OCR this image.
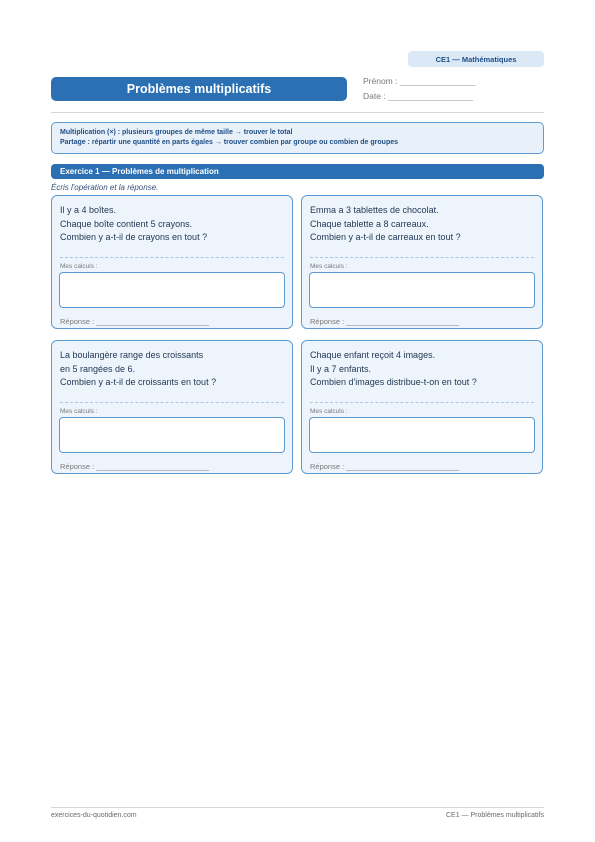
CE1 — Mathématiques
Problèmes multiplicatifs
Prénom : ________________
Date : __________________
Multiplication (×) : plusieurs groupes de même taille → trouver le total
Partage : répartir une quantité en parts égales → trouver combien par groupe ou combien de groupes
Exercice 1 — Problèmes de multiplication
Écris l'opération et la réponse.
Il y a 4 boîtes.
Chaque boîte contient 5 crayons.
Combien y a-t-il de crayons en tout ?
Mes calculs :
Réponse : ___________________________
Emma a 3 tablettes de chocolat.
Chaque tablette a 8 carreaux.
Combien y a-t-il de carreaux en tout ?
Mes calculs :
Réponse : ___________________________
La boulangère range des croissants
en 5 rangées de 6.
Combien y a-t-il de croissants en tout ?
Mes calculs :
Réponse : ___________________________
Chaque enfant reçoit 4 images.
Il y a 7 enfants.
Combien d'images distribue-t-on en tout ?
Mes calculs :
Réponse : ___________________________
exercices-du-quotidien.com	CE1 — Problèmes multiplicatifs
